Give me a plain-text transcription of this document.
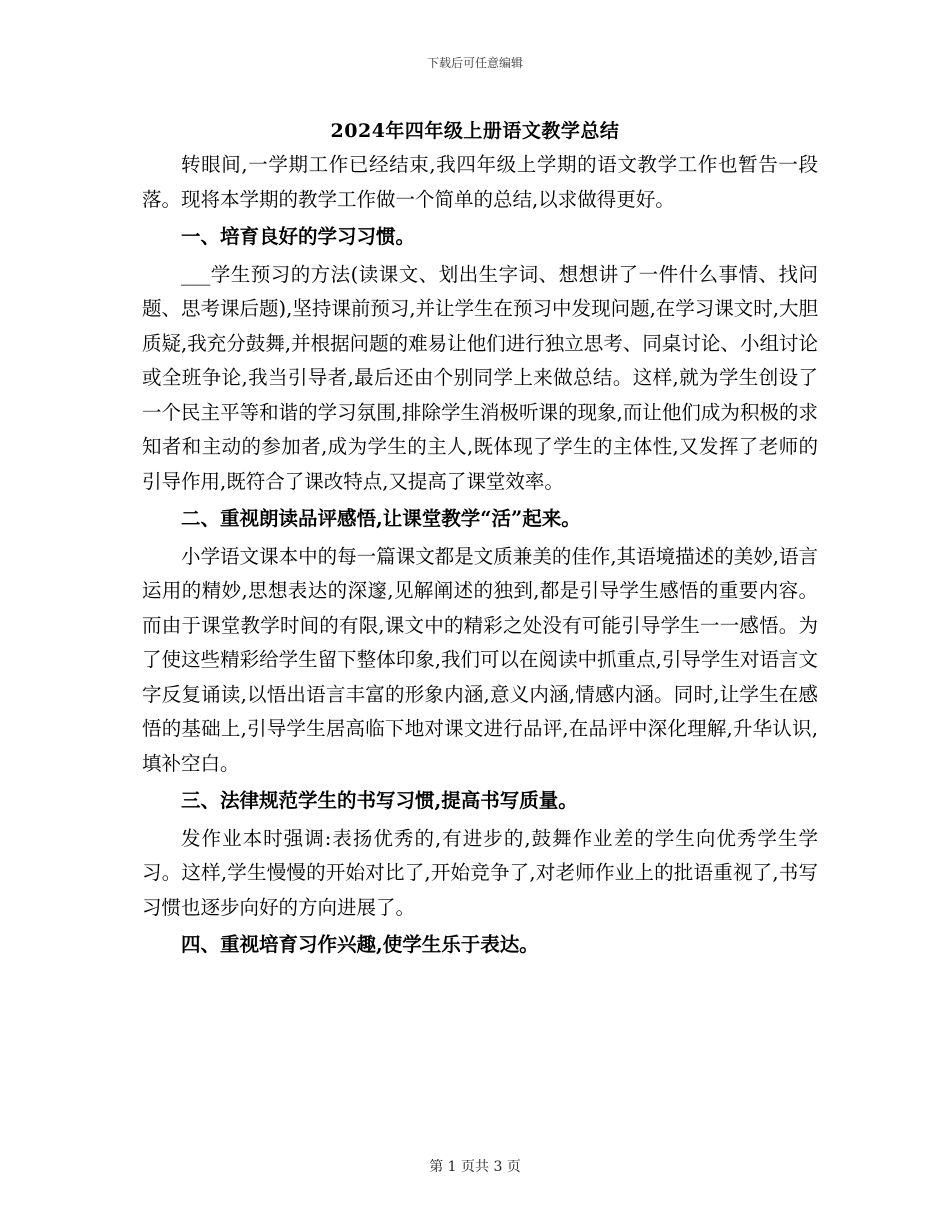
下载后可任意编辑
2024年四年级上册语文教学总结

转眼间,一学期工作已经结束,我四年级上学期的语文教学工作也暂告一段落。现将本学期的教学工作做一个简单的总结,以求做得更好。

一、培育良好的学习习惯。

___学生预习的方法(读课文、划出生字词、想想讲了一件什么事情、找问题、思考课后题),坚持课前预习,并让学生在预习中发现问题,在学习课文时,大胆质疑,我充分鼓舞,并根据问题的难易让他们进行独立思考、同桌讨论、小组讨论或全班争论,我当引导者,最后还由个别同学上来做总结。这样,就为学生创设了一个民主平等和谐的学习氛围,排除学生消极听课的现象,而让他们成为积极的求知者和主动的参加者,成为学生的主人,既体现了学生的主体性,又发挥了老师的引导作用,既符合了课改特点,又提高了课堂效率。

二、重视朗读品评感悟,让课堂教学“活”起来。

小学语文课本中的每一篇课文都是文质兼美的佳作,其语境描述的美妙,语言运用的精妙,思想表达的深邃,见解阐述的独到,都是引导学生感悟的重要内容。而由于课堂教学时间的有限,课文中的精彩之处没有可能引导学生一一感悟。为了使这些精彩给学生留下整体印象,我们可以在阅读中抓重点,引导学生对语言文字反复诵读,以悟出语言丰富的形象内涵,意义内涵,情感内涵。同时,让学生在感悟的基础上,引导学生居高临下地对课文进行品评,在品评中深化理解,升华认识,填补空白。

三、法律规范学生的书写习惯,提高书写质量。

发作业本时强调:表扬优秀的,有进步的,鼓舞作业差的学生向优秀学生学习。这样,学生慢慢的开始对比了,开始竞争了,对老师作业上的批语重视了,书写习惯也逐步向好的方向进展了。

四、重视培育习作兴趣,使学生乐于表达。

第 1 页共 3 页
